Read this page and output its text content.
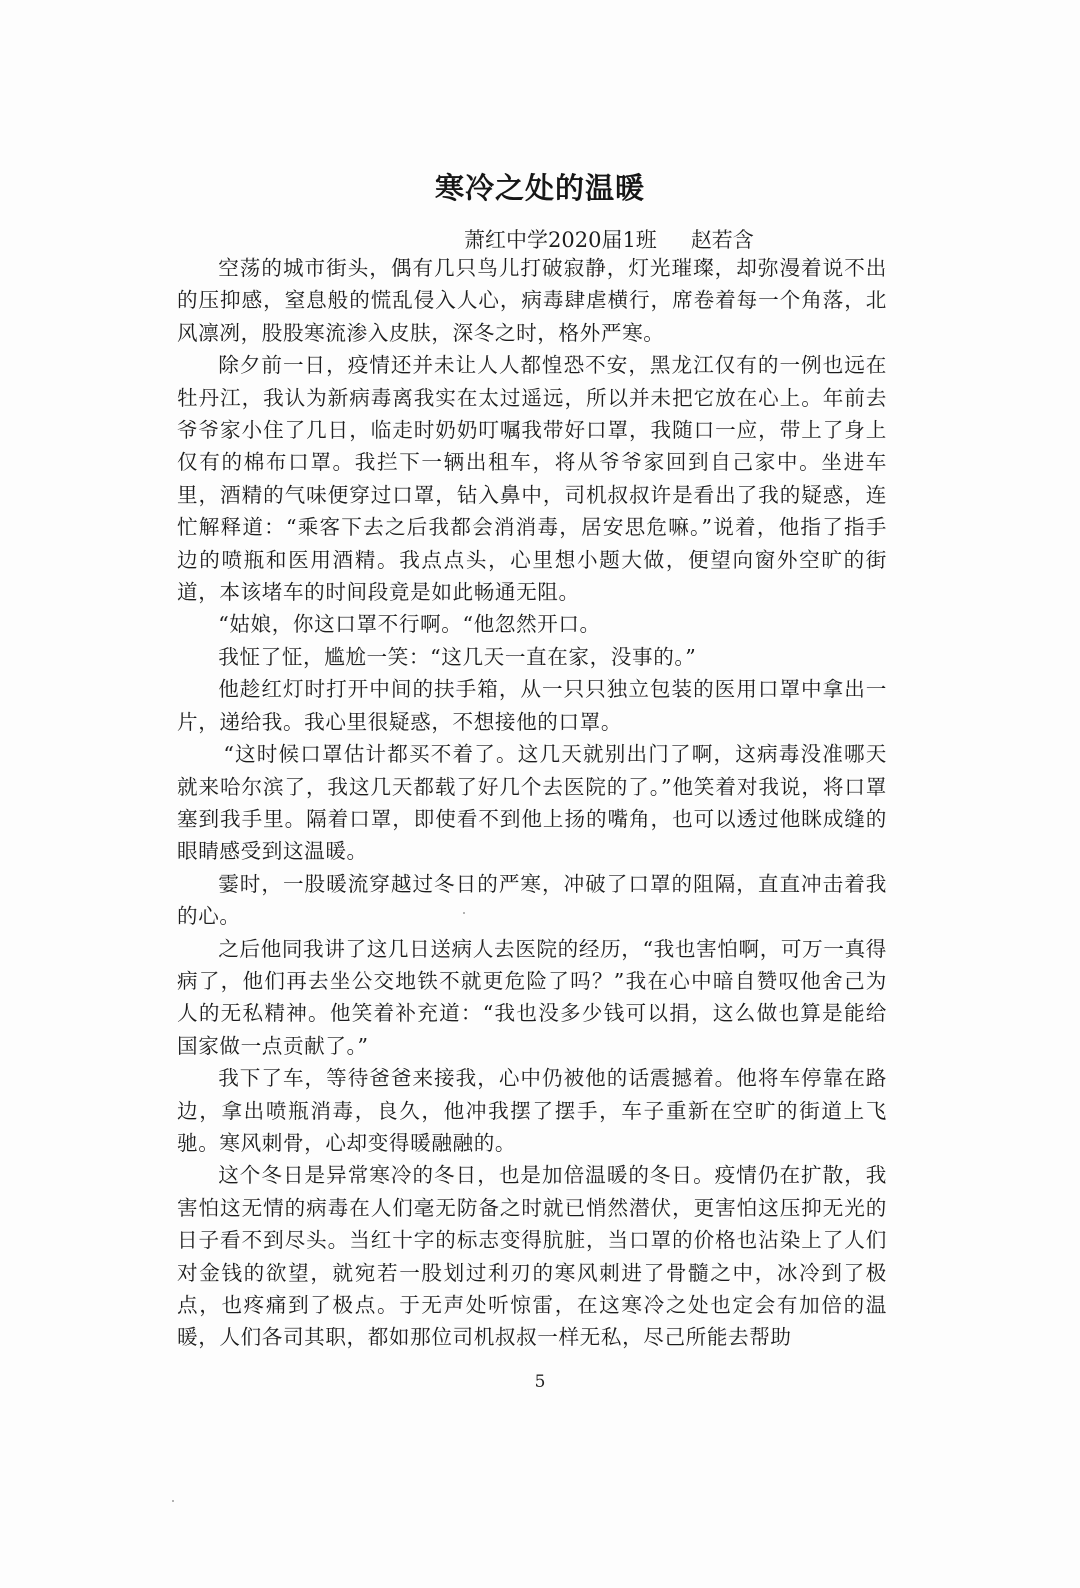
寒冷之处的温暖
萧红中学2020届1班 赵若含

空荡的城市街头，偶有几只鸟儿打破寂静，灯光璀璨，却弥漫着说不出的压抑感，窒息般的慌乱侵入人心，病毒肆虐横行，席卷着每一个角落，北风凛冽，股股寒流渗入皮肤，深冬之时，格外严寒。

除夕前一日，疫情还并未让人人都惶恐不安，黑龙江仅有的一例也远在牡丹江，我认为新病毒离我实在太过遥远，所以并未把它放在心上。年前去爷爷家小住了几日，临走时奶奶叮嘱我带好口罩，我随口一应，带上了身上仅有的棉布口罩。我拦下一辆出租车，将从爷爷家回到自己家中。坐进车里，酒精的气味便穿过口罩，钻入鼻中，司机叔叔许是看出了我的疑惑，连忙解释道：“乘客下去之后我都会消消毒，居安思危嘛。”说着，他指了指手边的喷瓶和医用酒精。我点点头，心里想小题大做，便望向窗外空旷的街道，本该堵车的时间段竟是如此畅通无阻。

“姑娘，你这口罩不行啊。“他忽然开口。

我怔了怔，尴尬一笑：“这几天一直在家，没事的。”

他趁红灯时打开中间的扶手箱，从一只只独立包装的医用口罩中拿出一片，递给我。我心里很疑惑，不想接他的口罩。

“这时候口罩估计都买不着了。这几天就别出门了啊，这病毒没准哪天就来哈尔滨了，我这几天都载了好几个去医院的了。”他笑着对我说，将口罩塞到我手里。隔着口罩，即使看不到他上扬的嘴角，也可以透过他眯成缝的眼睛感受到这温暖。

霎时，一股暖流穿越过冬日的严寒，冲破了口罩的阻隔，直直冲击着我的心。

之后他同我讲了这几日送病人去医院的经历，“我也害怕啊，可万一真得病了，他们再去坐公交地铁不就更危险了吗？”我在心中暗自赞叹他舍己为人的无私精神。他笑着补充道：“我也没多少钱可以捐，这么做也算是能给国家做一点贡献了。”

我下了车，等待爸爸来接我，心中仍被他的话震撼着。他将车停靠在路边，拿出喷瓶消毒，良久，他冲我摆了摆手，车子重新在空旷的街道上飞驰。寒风刺骨，心却变得暖融融的。

这个冬日是异常寒冷的冬日，也是加倍温暖的冬日。疫情仍在扩散，我害怕这无情的病毒在人们毫无防备之时就已悄然潜伏，更害怕这压抑无光的日子看不到尽头。当红十字的标志变得肮脏，当口罩的价格也沾染上了人们对金钱的欲望，就宛若一股划过利刃的寒风刺进了骨髓之中，冰冷到了极点，也疼痛到了极点。于无声处听惊雷，在这寒冷之处也定会有加倍的温暖，人们各司其职，都如那位司机叔叔一样无私，尽己所能去帮助

5
